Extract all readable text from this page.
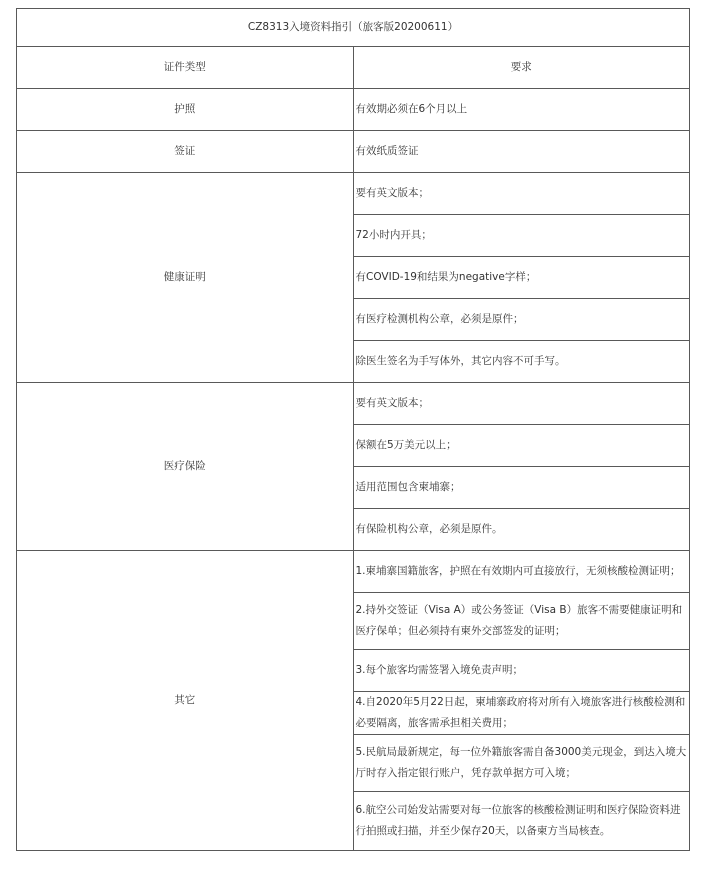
CZ8313入境资料指引（旅客版20200611）	
证件类型	要求
护照	有效期必须在6个月以上
签证	有效纸质签证
健康证明	要有英文版本；
	72小时内开具；
	有COVID-19和结果为negative字样；
	有医疗检测机构公章，必须是原件；
	除医生签名为手写体外，其它内容不可手写。
医疗保险	要有英文版本；
	保额在5万美元以上；
	适用范围包含柬埔寨；
	有保险机构公章，必须是原件。
其它	1.柬埔寨国籍旅客，护照在有效期内可直接放行，无须核酸检测证明；
	2.持外交签证（Visa A）或公务签证（Visa B）旅客不需要健康证明和医疗保单；但必须持有柬外交部签发的证明；
	3.每个旅客均需签署入境免责声明；
	4.自2020年5月22日起，柬埔寨政府将对所有入境旅客进行核酸检测和必要隔离，旅客需承担相关费用；
	5.民航局最新规定，每一位外籍旅客需自备3000美元现金，到达入境大厅时存入指定银行账户，凭存款单据方可入境；
	6.航空公司始发站需要对每一位旅客的核酸检测证明和医疗保险资料进行拍照或扫描，并至少保存20天，以备柬方当局核查。
